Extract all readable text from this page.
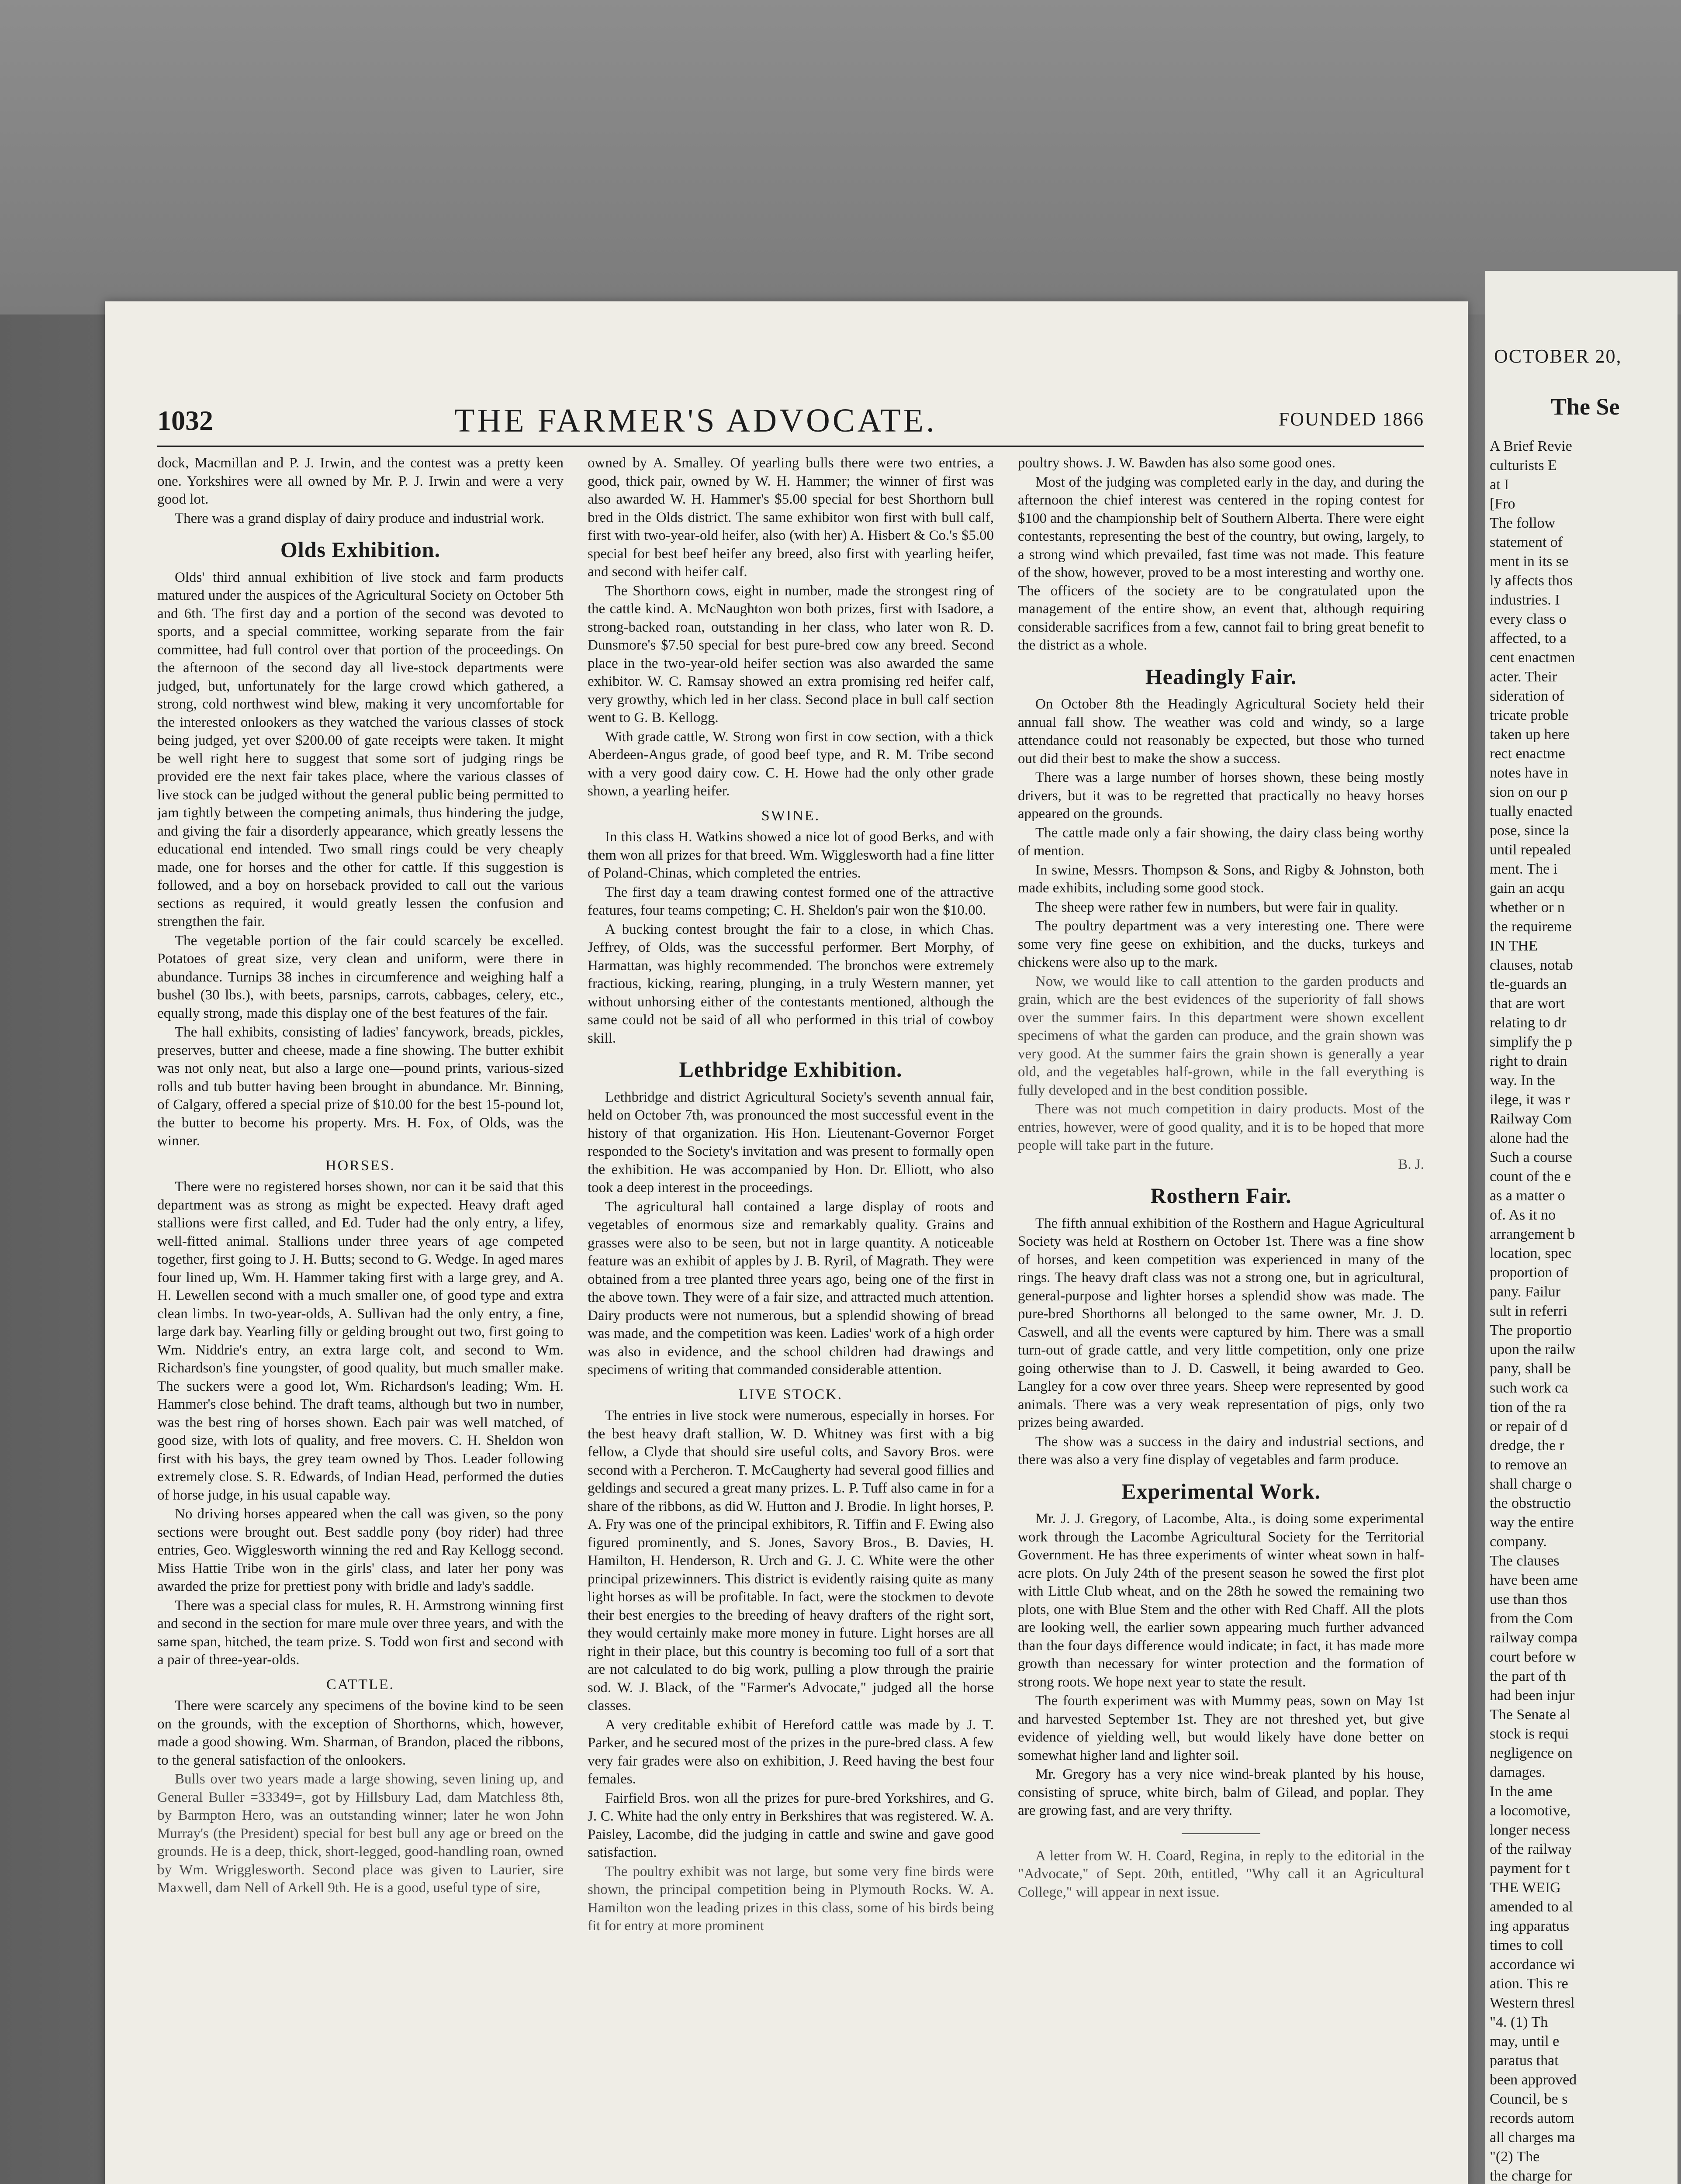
1032	THE FARMER'S ADVOCATE.	FOUNDED 1866

dock, Macmillan and P. J. Irwin, and the contest was a pretty keen one. Yorkshires were all owned by Mr. P. J. Irwin and were a very good lot.

There was a grand display of dairy produce and industrial work.

Olds Exhibition.

Olds' third annual exhibition of live stock and farm products matured under the auspices of the Agricultural Society on October 5th and 6th. The first day and a portion of the second was devoted to sports, and a special committee, working separate from the fair committee, had full control over that portion of the proceedings. On the afternoon of the second day all live-stock departments were judged, but, unfortunately for the large crowd which gathered, a strong, cold northwest wind blew, making it very uncomfortable for the interested onlookers as they watched the various classes of stock being judged, yet over $200.00 of gate receipts were taken. It might be well right here to suggest that some sort of judging rings be provided ere the next fair takes place, where the various classes of live stock can be judged without the general public being permitted to jam tightly between the competing animals, thus hindering the judge, and giving the fair a disorderly appearance, which greatly lessens the educational end intended. Two small rings could be very cheaply made, one for horses and the other for cattle. If this suggestion is followed, and a boy on horseback provided to call out the various sections as required, it would greatly lessen the confusion and strengthen the fair.

The vegetable portion of the fair could scarcely be excelled. Potatoes of great size, very clean and uniform, were there in abundance. Turnips 38 inches in circumference and weighing half a bushel (30 lbs.), with beets, parsnips, carrots, cabbages, celery, etc., equally strong, made this display one of the best features of the fair.

The hall exhibits, consisting of ladies' fancywork, breads, pickles, preserves, butter and cheese, made a fine showing. The butter exhibit was not only neat, but also a large one—pound prints, various-sized rolls and tub butter having been brought in abundance. Mr. Binning, of Calgary, offered a special prize of $10.00 for the best 15-pound lot, the butter to become his property. Mrs. H. Fox, of Olds, was the winner.

HORSES.

There were no registered horses shown, nor can it be said that this department was as strong as might be expected. Heavy draft aged stallions were first called, and Ed. Tuder had the only entry, a lifey, well-fitted animal. Stallions under three years of age competed together, first going to J. H. Butts; second to G. Wedge. In aged mares four lined up, Wm. H. Hammer taking first with a large grey, and A. H. Lewellen second with a much smaller one, of good type and extra clean limbs. In two-year-olds, A. Sullivan had the only entry, a fine, large dark bay. Yearling filly or gelding brought out two, first going to Wm. Niddrie's entry, an extra large colt, and second to Wm. Richardson's fine youngster, of good quality, but much smaller make. The suckers were a good lot, Wm. Richardson's leading; Wm. H. Hammer's close behind. The draft teams, although but two in number, was the best ring of horses shown. Each pair was well matched, of good size, with lots of quality, and free movers. C. H. Sheldon won first with his bays, the grey team owned by Thos. Leader following extremely close. S. R. Edwards, of Indian Head, performed the duties of horse judge, in his usual capable way.

No driving horses appeared when the call was given, so the pony sections were brought out. Best saddle pony (boy rider) had three entries, Geo. Wigglesworth winning the red and Ray Kellogg second. Miss Hattie Tribe won in the girls' class, and later her pony was awarded the prize for prettiest pony with bridle and lady's saddle.

There was a special class for mules, R. H. Armstrong winning first and second in the section for mare mule over three years, and with the same span, hitched, the team prize. S. Todd won first and second with a pair of three-year-olds.

CATTLE.

There were scarcely any specimens of the bovine kind to be seen on the grounds, with the exception of Shorthorns, which, however, made a good showing. Wm. Sharman, of Brandon, placed the ribbons, to the general satisfaction of the onlookers.

Bulls over two years made a large showing, seven lining up, and General Buller =33349=, got by Hillsbury Lad, dam Matchless 8th, by Barmpton Hero, was an outstanding winner; later he won John Murray's (the President) special for best bull any age or breed on the grounds. He is a deep, thick, short-legged, good-handling roan, owned by Wm. Wrigglesworth. Second place was given to Laurier, sire Maxwell, dam Nell of Arkell 9th. He is a good, useful type of sire,

owned by A. Smalley. Of yearling bulls there were two entries, a good, thick pair, owned by W. H. Hammer; the winner of first was also awarded W. H. Hammer's $5.00 special for best Shorthorn bull bred in the Olds district. The same exhibitor won first with bull calf, first with two-year-old heifer, also (with her) A. Hisbert & Co.'s $5.00 special for best beef heifer any breed, also first with yearling heifer, and second with heifer calf.

The Shorthorn cows, eight in number, made the strongest ring of the cattle kind. A. McNaughton won both prizes, first with Isadore, a strong-backed roan, outstanding in her class, who later won R. D. Dunsmore's $7.50 special for best pure-bred cow any breed. Second place in the two-year-old heifer section was also awarded the same exhibitor. W. C. Ramsay showed an extra promising red heifer calf, very growthy, which led in her class. Second place in bull calf section went to G. B. Kellogg.

With grade cattle, W. Strong won first in cow section, with a thick Aberdeen-Angus grade, of good beef type, and R. M. Tribe second with a very good dairy cow. C. H. Howe had the only other grade shown, a yearling heifer.

SWINE.

In this class H. Watkins showed a nice lot of good Berks, and with them won all prizes for that breed. Wm. Wigglesworth had a fine litter of Poland-Chinas, which completed the entries.

The first day a team drawing contest formed one of the attractive features, four teams competing; C. H. Sheldon's pair won the $10.00.

A bucking contest brought the fair to a close, in which Chas. Jeffrey, of Olds, was the successful performer. Bert Morphy, of Harmattan, was highly recommended. The bronchos were extremely fractious, kicking, rearing, plunging, in a truly Western manner, yet without unhorsing either of the contestants mentioned, although the same could not be said of all who performed in this trial of cowboy skill.

Lethbridge Exhibition.

Lethbridge and district Agricultural Society's seventh annual fair, held on October 7th, was pronounced the most successful event in the history of that organization. His Hon. Lieutenant-Governor Forget responded to the Society's invitation and was present to formally open the exhibition. He was accompanied by Hon. Dr. Elliott, who also took a deep interest in the proceedings.

The agricultural hall contained a large display of roots and vegetables of enormous size and remarkably quality. Grains and grasses were also to be seen, but not in large quantity. A noticeable feature was an exhibit of apples by J. B. Ryril, of Magrath. They were obtained from a tree planted three years ago, being one of the first in the above town. They were of a fair size, and attracted much attention. Dairy products were not numerous, but a splendid showing of bread was made, and the competition was keen. Ladies' work of a high order was also in evidence, and the school children had drawings and specimens of writing that commanded considerable attention.

LIVE STOCK.

The entries in live stock were numerous, especially in horses. For the best heavy draft stallion, W. D. Whitney was first with a big fellow, a Clyde that should sire useful colts, and Savory Bros. were second with a Percheron. T. McCaugherty had several good fillies and geldings and secured a great many prizes. L. P. Tuff also came in for a share of the ribbons, as did W. Hutton and J. Brodie. In light horses, P. A. Fry was one of the principal exhibitors, R. Tiffin and F. Ewing also figured prominently, and S. Jones, Savory Bros., B. Davies, H. Hamilton, H. Henderson, R. Urch and G. J. C. White were the other principal prizewinners. This district is evidently raising quite as many light horses as will be profitable. In fact, were the stockmen to devote their best energies to the breeding of heavy drafters of the right sort, they would certainly make more money in future. Light horses are all right in their place, but this country is becoming too full of a sort that are not calculated to do big work, pulling a plow through the prairie sod. W. J. Black, of the "Farmer's Advocate," judged all the horse classes.

A very creditable exhibit of Hereford cattle was made by J. T. Parker, and he secured most of the prizes in the pure-bred class. A few very fair grades were also on exhibition, J. Reed having the best four females.

Fairfield Bros. won all the prizes for pure-bred Yorkshires, and G. J. C. White had the only entry in Berkshires that was registered. W. A. Paisley, Lacombe, did the judging in cattle and swine and gave good satisfaction.

The poultry exhibit was not large, but some very fine birds were shown, the principal competition being in Plymouth Rocks. W. A. Hamilton won the leading prizes in this class, some of his birds being fit for entry at more prominent

poultry shows. J. W. Bawden has also some good ones.

Most of the judging was completed early in the day, and during the afternoon the chief interest was centered in the roping contest for $100 and the championship belt of Southern Alberta. There were eight contestants, representing the best of the country, but owing, largely, to a strong wind which prevailed, fast time was not made. This feature of the show, however, proved to be a most interesting and worthy one. The officers of the society are to be congratulated upon the management of the entire show, an event that, although requiring considerable sacrifices from a few, cannot fail to bring great benefit to the district as a whole.

Headingly Fair.

On October 8th the Headingly Agricultural Society held their annual fall show. The weather was cold and windy, so a large attendance could not reasonably be expected, but those who turned out did their best to make the show a success.

There was a large number of horses shown, these being mostly drivers, but it was to be regretted that practically no heavy horses appeared on the grounds.

The cattle made only a fair showing, the dairy class being worthy of mention.

In swine, Messrs. Thompson & Sons, and Rigby & Johnston, both made exhibits, including some good stock.

The sheep were rather few in numbers, but were fair in quality.

The poultry department was a very interesting one. There were some very fine geese on exhibition, and the ducks, turkeys and chickens were also up to the mark.

Now, we would like to call attention to the garden products and grain, which are the best evidences of the superiority of fall shows over the summer fairs. In this department were shown excellent specimens of what the garden can produce, and the grain shown was very good. At the summer fairs the grain shown is generally a year old, and the vegetables half-grown, while in the fall everything is fully developed and in the best condition possible.

There was not much competition in dairy products. Most of the entries, however, were of good quality, and it is to be hoped that more people will take part in the future.

B. J.

Rosthern Fair.

The fifth annual exhibition of the Rosthern and Hague Agricultural Society was held at Rosthern on October 1st. There was a fine show of horses, and keen competition was experienced in many of the rings. The heavy draft class was not a strong one, but in agricultural, general-purpose and lighter horses a splendid show was made. The pure-bred Shorthorns all belonged to the same owner, Mr. J. D. Caswell, and all the events were captured by him. There was a small turn-out of grade cattle, and very little competition, only one prize going otherwise than to J. D. Caswell, it being awarded to Geo. Langley for a cow over three years. Sheep were represented by good animals. There was a very weak representation of pigs, only two prizes being awarded.

The show was a success in the dairy and industrial sections, and there was also a very fine display of vegetables and farm produce.

Experimental Work.

Mr. J. J. Gregory, of Lacombe, Alta., is doing some experimental work through the Lacombe Agricultural Society for the Territorial Government. He has three experiments of winter wheat sown in half-acre plots. On July 24th of the present season he sowed the first plot with Little Club wheat, and on the 28th he sowed the remaining two plots, one with Blue Stem and the other with Red Chaff. All the plots are looking well, the earlier sown appearing much further advanced than the four days difference would indicate; in fact, it has made more growth than necessary for winter protection and the formation of strong roots. We hope next year to state the result.

The fourth experiment was with Mummy peas, sown on May 1st and harvested September 1st. They are not threshed yet, but give evidence of yielding well, but would likely have done better on somewhat higher land and lighter soil.

Mr. Gregory has a very nice wind-break planted by his house, consisting of spruce, white birch, balm of Gilead, and poplar. They are growing fast, and are very thrifty.

A letter from W. H. Coard, Regina, in reply to the editorial in the "Advocate," of Sept. 20th, entitled, "Why call it an Agricultural College," will appear in next issue.

OCTOBER 20,
The Se
A Brief Revie
culturists E
at I
[Fro
The follow
statement of
ment in its se
ly affects thos
industries. I
every class o
affected, to a
cent enactmen
acter. Their
sideration of
tricate proble
taken up here
rect enactme
notes have in
sion on our p
tually enacted
pose, since la
until repealed
ment. The i
gain an acqu
whether or n
the requireme
IN THE
clauses, notab
tle-guards an
that are wort
relating to dr
simplify the p
right to drain
way. In the
ilege, it was r
Railway Com
alone had the
Such a course
count of the e
as a matter o
of. As it no
arrangement b
location, spec
proportion of
pany. Failur
sult in referri
The proportio
upon the railw
pany, shall be
such work ca
tion of the ra
or repair of d
dredge, the r
to remove an
shall charge o
the obstructio
way the entire
company.
The clauses
have been ame
use than thos
from the Com
railway compa
court before w
the part of th
had been injur
The Senate al
stock is requi
negligence on
damages.
In the ame
a locomotive,
longer necess
of the railway
payment for t
THE WEIG
amended to al
ing apparatus
times to coll
accordance wi
ation. This re
Western thresl
"4. (1) Th
may, until e
paratus that
been approved
Council, be s
records autom
all charges ma
"(2) The
the charge for
